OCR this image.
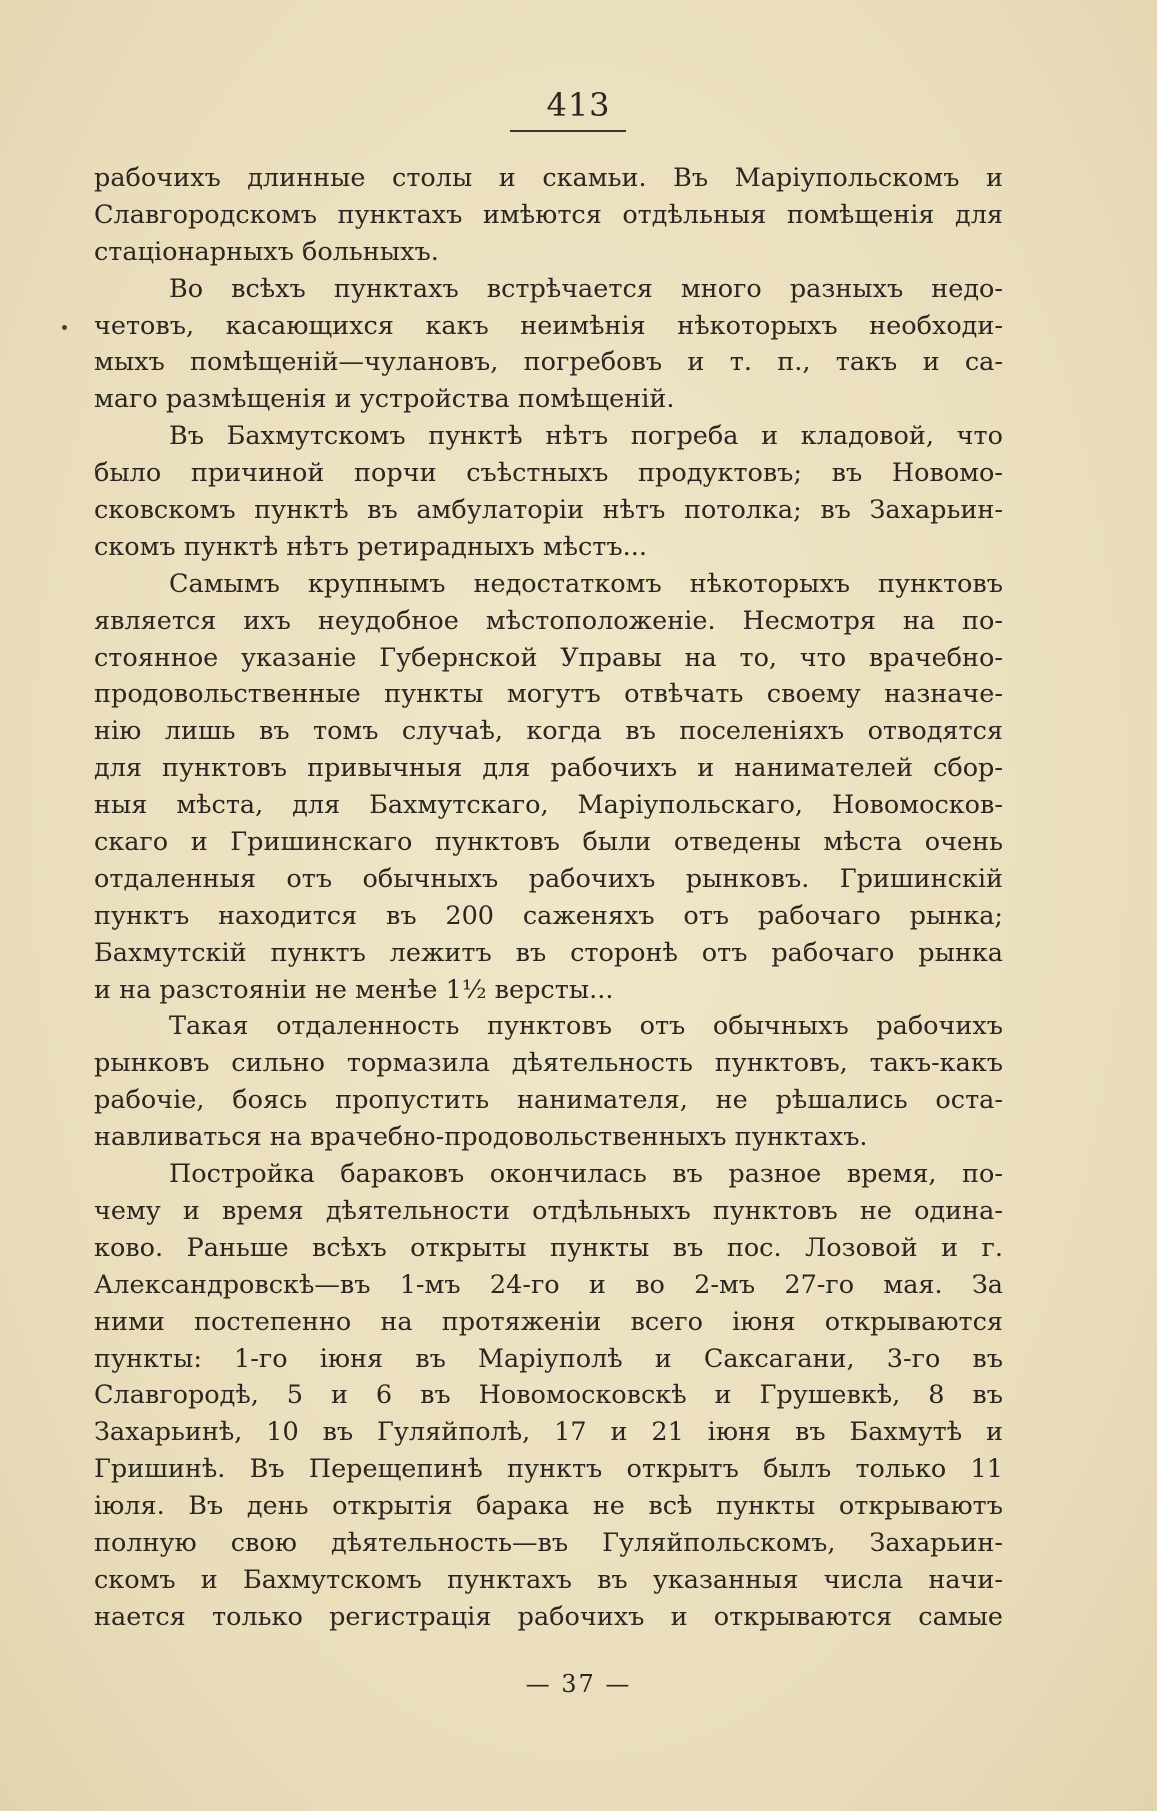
413
рабочихъ длинные столы и скамьи. Въ Маріупольскомъ и
Славгородскомъ пунктахъ имѣются отдѣльныя помѣщенія для
стаціонарныхъ больныхъ.
Во всѣхъ пунктахъ встрѣчается много разныхъ недо-
четовъ, касающихся какъ неимѣнія нѣкоторыхъ необходи-
мыхъ помѣщеній—чулановъ, погребовъ и т. п., такъ и са-
маго размѣщенія и устройства помѣщеній.
Въ Бахмутскомъ пунктѣ нѣтъ погреба и кладовой, что
было причиной порчи съѣстныхъ продуктовъ; въ Новомо-
сковскомъ пунктѣ въ амбулаторіи нѣтъ потолка; въ Захарьин-
скомъ пунктѣ нѣтъ ретирадныхъ мѣстъ...
Самымъ крупнымъ недостаткомъ нѣкоторыхъ пунктовъ
является ихъ неудобное мѣстоположеніе. Несмотря на по-
стоянное указаніе Губернской Управы на то, что врачебно-
продовольственные пункты могутъ отвѣчать своему назначе-
нію лишь въ томъ случаѣ, когда въ поселеніяхъ отводятся
для пунктовъ привычныя для рабочихъ и нанимателей сбор-
ныя мѣста, для Бахмутскаго, Маріупольскаго, Новомосков-
скаго и Гришинскаго пунктовъ были отведены мѣста очень
отдаленныя отъ обычныхъ рабочихъ рынковъ. Гришинскій
пунктъ находится въ 200 саженяхъ отъ рабочаго рынка;
Бахмутскій пунктъ лежитъ въ сторонѣ отъ рабочаго рынка
и на разстояніи не менѣе 1½ версты...
Такая отдаленность пунктовъ отъ обычныхъ рабочихъ
рынковъ сильно тормазила дѣятельность пунктовъ, такъ-какъ
рабочіе, боясь пропустить нанимателя, не рѣшались оста-
навливаться на врачебно-продовольственныхъ пунктахъ.
Постройка бараковъ окончилась въ разное время, по-
чему и время дѣятельности отдѣльныхъ пунктовъ не одина-
ково. Раньше всѣхъ открыты пункты въ пос. Лозовой и г.
Александровскѣ—въ 1-мъ 24-го и во 2-мъ 27-го мая. За
ними постепенно на протяженіи всего іюня открываются
пункты: 1-го іюня въ Маріуполѣ и Саксагани, 3-го въ
Славгородѣ, 5 и 6 въ Новомосковскѣ и Грушевкѣ, 8 въ
Захарьинѣ, 10 въ Гуляйполѣ, 17 и 21 іюня въ Бахмутѣ и
Гришинѣ. Въ Перещепинѣ пунктъ открытъ былъ только 11
іюля. Въ день открытія барака не всѣ пункты открываютъ
полную свою дѣятельность—въ Гуляйпольскомъ, Захарьин-
скомъ и Бахмутскомъ пунктахъ въ указанныя числа начи-
нается только регистрація рабочихъ и открываются самые
— 37 —
